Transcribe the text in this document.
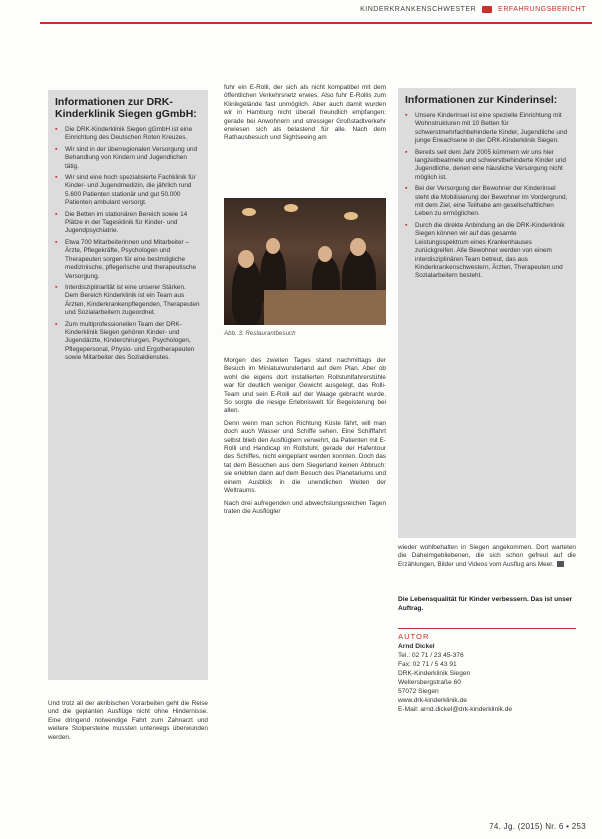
KINDERKRANKENSCHWESTER	ERFAHRUNGSBERICHT
Informationen zur DRK-Kinderklinik Siegen gGmbH:
▪ Die DRK-Kinderklinik Siegen gGmbH ist eine Einrichtung des Deutschen Roten Kreuzes.
▪ Wir sind in der überregionalen Versorgung und Behandlung von Kindern und Jugendlichen tätig.
▪ Wir sind eine hoch spezialisierte Fachklinik für Kinder- und Jugendmedizin, die jährlich rund 5.600 Patienten stationär und gut 50.000 Patienten ambulant versorgt.
▪ Die Betten im stationären Bereich sowie 14 Plätze in der Tagesklinik für Kinder- und Jugendpsychiatrie.
▪ Etwa 700 Mitarbeiterinnen und Mitarbeiter – Ärzte, Pflegekräfte, Psychologen und Therapeuten sorgen für eine bestmögliche medizinische, pflegerische und therapeutische Versorgung.
▪ Interdisziplinarität ist eine unserer Stärken. Dem Bereich Kinderklinik ist ein Team aus Ärzten, Kinderkrankenpflegenden, Therapeuten und Sozialarbeitern zugeordnet.
▪ Zum multiprofessionellen Team der DRK-Kinderklinik Siegen gehören Kinder- und Jugendärzte, Kinderchirurgen, Psychologen, Pflegepersonal, Physio- und Ergotherapeuten sowie Mitarbeiter des Sozialdienstes.

Und trotz all der akribischen Vorarbeiten geht die Reise und die geplanten Ausflüge nicht ohne Hindernisse. Eine dringend notwendige Fahrt zum Zahnarzt und weitere Stolpersteine mussten unterwegs überwunden werden.

fuhr ein E-Rolli, der sich als nicht kompatibel mit dem öffentlichen Verkehrsnetz erwies. Also fuhr E-Rollis zum Klinikgelände fast unmöglich. Aber auch damit wurden wir in Hamburg nicht überall freundlich empfangen: gerade bei Anwohnern und stressiger Großstadtverkehr erwiesen sich als belastend für alle. Nach dem Rathausbesuch und Sightseeing am

Abb. 3: Restaurantbesuch

Morgen des zweiten Tages stand nachmittags der Besuch im Miniaturwunderland auf dem Plan. Aber ob wohl die eigens dort installierten Rollstuhlfahrerstühle war für deutlich weniger Gewicht ausgelegt, das Rolli-Team und sein E-Rolli auf der Waage gebracht wurde. So sorgte die riesige Erlebniswelt für Begeisterung bei allen.

Denn wenn man schon Richtung Küste fährt, will man doch auch Wasser und Schiffe sehen. Eine Schifffahrt selbst blieb den Ausflüglern verwehrt, da Patienten mit E-Rolli und Handicap im Rollstuhl, gerade der Hafentour des Schiffes, nicht eingeplant werden konnten. Doch das tat dem Besuchen aus dem Siegerland keinen Abbruch: sie erlebten dann auf dem Besuch des Planetariums und einem Ausblick in die unendlichen Weiten der Weltraums.

Nach drei aufregenden und abwechslungsreichen Tagen traten die Ausflügler

Informationen zur Kinderinsel:
▪ Unsere Kinderinsel ist eine spezielle Einrichtung mit Wohnstrukturen mit 10 Betten für schwerstmehrfachbehinderte Kinder, Jugendliche und junge Erwachsene in der DRK-Kinderklinik Siegen.
▪ Bereits seit dem Jahr 2005 kümmern wir uns hier langzeitbeatmete und schwerstbehinderte Kinder und Jugendliche, denen eine häusliche Versorgung nicht möglich ist.
▪ Bei der Versorgung der Bewohner der Kinderinsel steht die Mobilisierung der Bewohner im Vordergrund, mit dem Ziel, eine Teilhabe am gesellschaftlichen Leben zu ermöglichen.
▪ Durch die direkte Anbindung an die DRK-Kinderklinik Siegen können wir auf das gesamte Leistungsspektrum eines Krankenhauses zurückgreifen. Alle Bewohner werden von einem interdisziplinären Team betreut, das aus Kinderkrankenschwestern, Ärzten, Therapeuten und Sozialarbeitern besteht.

wieder wohlbehalten in Siegen angekommen. Dort warteten die Daheimgebliebenen, die sich schon gefreut auf die Erzählungen, Bilder und Videos vom Ausflug ans Meer.

Die Lebensqualität für Kinder verbessern. Das ist unser Auftrag.
AUTOR
Arnd Dickel
Tel.: 02 71 / 23 45-376
Fax: 02 71 / 5 43 91
DRK-Kinderklinik Siegen
Wellersbergstraße 60
57072 Siegen
www.drk-kinderklinik.de
E-Mail: arnd.dickel@drk-kinderklinik.de
74. Jg. (2015) Nr. 6 • 253
